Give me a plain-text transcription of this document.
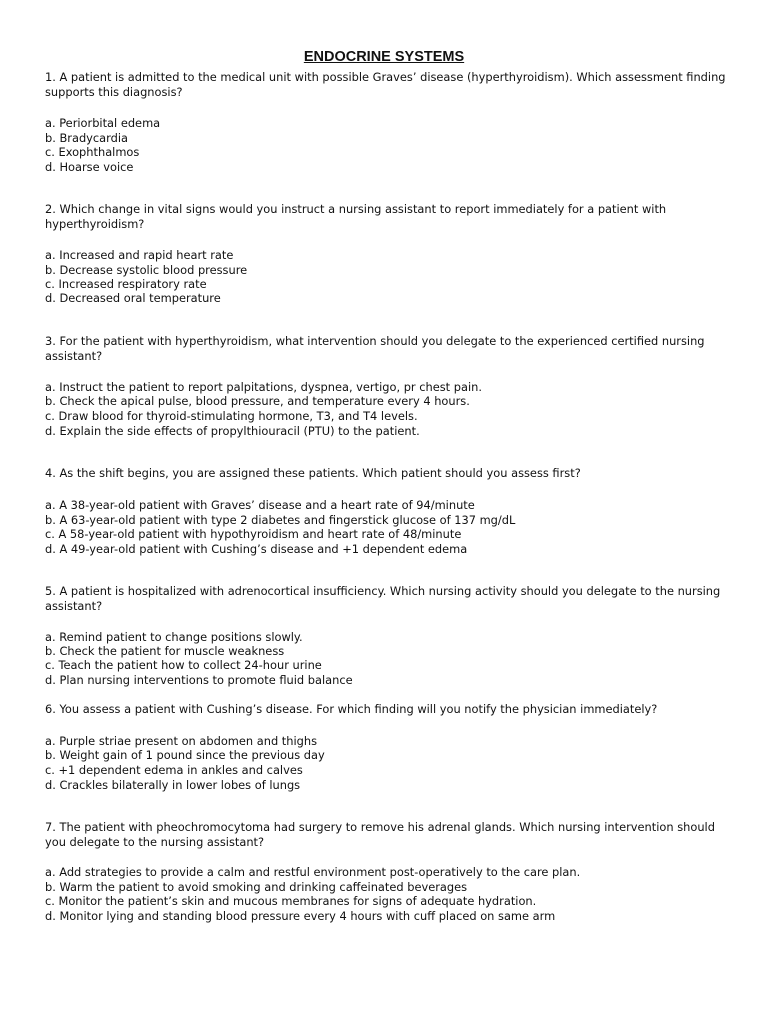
ENDOCRINE SYSTEMS
1. A patient is admitted to the medical unit with possible Graves’ disease (hyperthyroidism). Which assessment finding supports this diagnosis?
a. Periorbital edema
b. Bradycardia
c. Exophthalmos
d. Hoarse voice
2. Which change in vital signs would you instruct a nursing assistant to report immediately for a patient with hyperthyroidism?
a. Increased and rapid heart rate
b. Decrease systolic blood pressure
c. Increased respiratory rate
d. Decreased oral temperature
3. For the patient with hyperthyroidism, what intervention should you delegate to the experienced certified nursing assistant?
a. Instruct the patient to report palpitations, dyspnea, vertigo, pr chest pain.
b. Check the apical pulse, blood pressure, and temperature every 4 hours.
c. Draw blood for thyroid-stimulating hormone, T3, and T4 levels.
d. Explain the side effects of propylthiouracil (PTU) to the patient.
4. As the shift begins, you are assigned these patients. Which patient should you assess first?
a. A 38-year-old patient with Graves’ disease and a heart rate of 94/minute
b. A 63-year-old patient with type 2 diabetes and fingerstick glucose of 137 mg/dL
c. A 58-year-old patient with hypothyroidism and heart rate of 48/minute
d. A 49-year-old patient with Cushing’s disease and +1 dependent edema
5. A patient is hospitalized with adrenocortical insufficiency. Which nursing activity should you delegate to the nursing assistant?
a. Remind patient to change positions slowly.
b. Check the patient for muscle weakness
c. Teach the patient how to collect 24-hour urine
d. Plan nursing interventions to promote fluid balance
6. You assess a patient with Cushing’s disease. For which finding will you notify the physician immediately?
a. Purple striae present on abdomen and thighs
b. Weight gain of 1 pound since the previous day
c. +1 dependent edema in ankles and calves
d. Crackles bilaterally in lower lobes of lungs
7. The patient with pheochromocytoma had surgery to remove his adrenal glands. Which nursing intervention should you delegate to the nursing assistant?
a. Add strategies to provide a calm and restful environment post-operatively to the care plan.
b. Warm the patient to avoid smoking and drinking caffeinated beverages
c. Monitor the patient’s skin and mucous membranes for signs of adequate hydration.
d. Monitor lying and standing blood pressure every 4 hours with cuff placed on same arm
